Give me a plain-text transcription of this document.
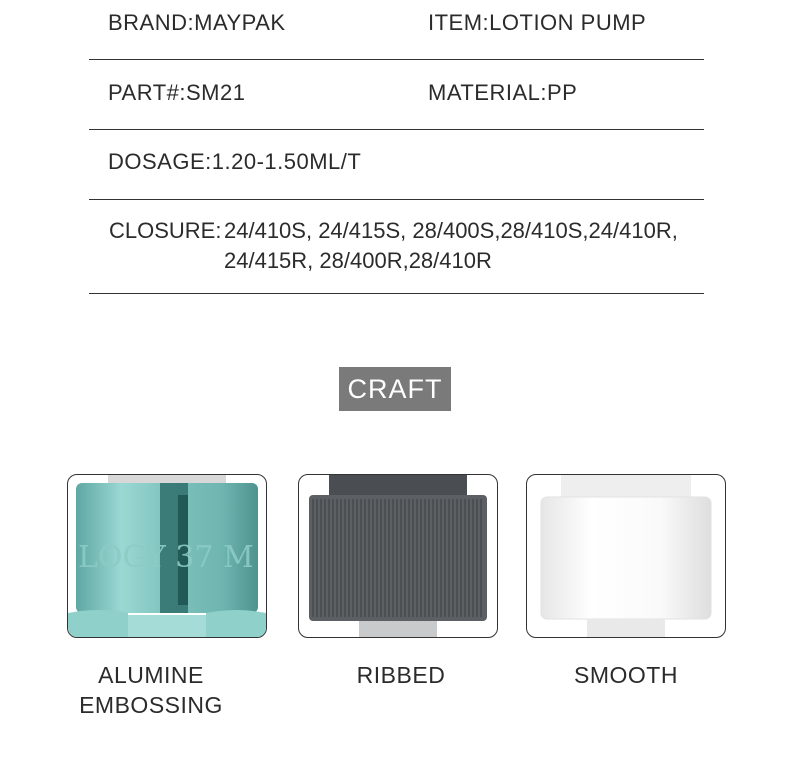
BRAND:MAYPAK	ITEM:LOTION PUMP
PART#:SM21	MATERIAL:PP
DOSAGE:1.20-1.50ML/T
CLOSURE: 24/410S, 24/415S, 28/400S,28/410S,24/410R,
24/415R, 28/400R,28/410R
CRAFT
LOGY 37 M
ALUMINE
EMBOSSING
RIBBED	SMOOTH
